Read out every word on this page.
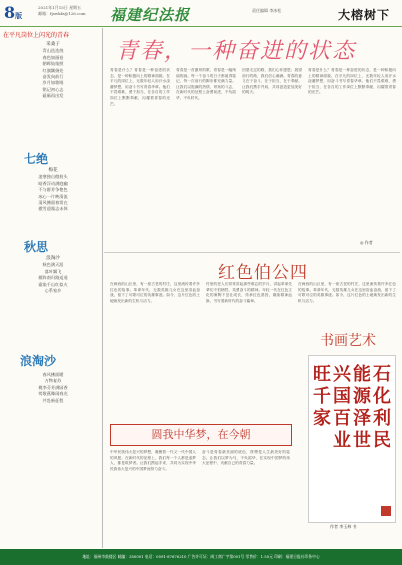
8版
2021年1月15日 星期五
邮箱：fjswkfz@126.com 福建纪法报	责任编辑 李冰松	大榕树下
在平凡岗位上闪光的青春
采桑子
青山迭迭绕
春色如画卷
朝晖灿灿照
红旗飘扬处
奋发向前行
岁月如歌唱
铭记初心志
砥砺再出发
七绝
梅花
凌寒独自傲枝头
暗香浮动满庭幽
不与群芳争艳色
冰心一片映清流
清风拂面春常在
傲雪迎霜志未休
秋思
浪淘沙
秋色满天涯
落叶飘飞
雁阵南归路迢遥
霜染千山红似火
心系家乡
浪淘沙
春风拂面暖
万物复苏
桃李芬芳满园香
莺歌燕舞闹春光
共赴新征程
青春，一种奋进的状态
青春是什么？青春是一种奋进的状态，是一种积极向上的精神面貌。在平凡的岗位上，无数年轻人用汗水浇灌梦想，用奋斗书写青春华章。他们不畏艰难，勇于担当，在各自的工作岗位上默默奉献，闪耀着青春的光芒。
青春是一首激昂的歌，青春是一幅绚丽的画。每一个奋斗的日子都值得铭记，每一次前行的脚步都充满力量。让我们以饱满的热情，昂扬的斗志，在新时代的征程上奋勇前进，不负韶华，不负时代。
回望走过的路，我们心怀感恩；展望前行的路，我们信心满满。青春的意义在于奋斗，在于担当，在于奉献。让我们携手并肩，共同创造更加美好的明天。
青春是什么？青春是一种奋进的状态，是一种积极向上的精神面貌。在平凡的岗位上，无数年轻人用汗水浇灌梦想，用奋斗书写青春华章。他们不畏艰难，勇于担当，在各自的工作岗位上默默奉献，闪耀着青春的光芒。
◎ 作者
红色伯公四
在闽西的山区里，有一座古老的村庄，这里流传着许多红色的故事。革命年代，无数英雄儿女在这里浴血奋战，留下了可歌可泣的英雄事迹。如今，这片红色的土地焕发出新的生机与活力。
村里的老人们常常讲起那些难忘的岁月，讲起革命先辈们不怕牺牲、英勇奋斗的精神。年轻一代在红色文化的熏陶下茁壮成长，传承红色基因，赓续精神血脉，书写着新时代的奋斗篇章。
在闽西的山区里，有一座古老的村庄，这里流传着许多红色的故事。革命年代，无数英雄儿女在这里浴血奋战，留下了可歌可泣的英雄事迹。如今，这片红色的土地焕发出新的生机与活力。
圆我中华梦，在今朝
中华民族伟大复兴的梦想，凝聚着一代又一代中国人的夙愿。在新时代的征程上，我们每一个人都是追梦人，都是筑梦者。让我们携起手来，共同为实现中华民族伟大复兴的中国梦而努力奋斗。
奋斗是青春最亮丽的底色，拼搏是人生最美好的姿态。让我们以梦为马，不负韶华，在实现中国梦的伟大征程中，贡献自己的青春力量。
书画艺术
石化利民
能源泽世
兴国百业
旺千家
作者 李玉林 书
地址：福州市鼓楼区 邮编：350001 电话：0591-87676210 广告许可证：闽工商广字第001号 零售价：1.50元 印刷：福建日报社印务中心
